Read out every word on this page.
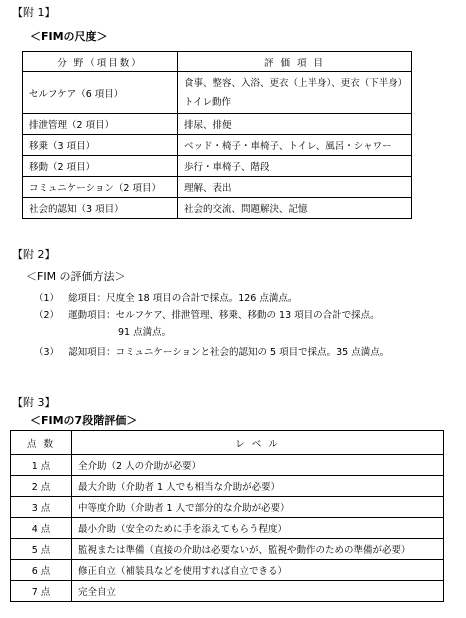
【附 1】
＜FIMの尺度＞
分 野（項目数）	評 価 項 目
セルフケア（6 項目）	食事、整容、入浴、更衣（上半身）、更衣（下半身）
トイレ動作

排泄管理（2 項目）	排尿、排便
移乗（3 項目）	ベッド・椅子・車椅子、トイレ、風呂・シャワー
移動（2 項目）	歩行・車椅子、階段
コミュニケーション（2 項目）	理解、表出
社会的認知（3 項目）	社会的交流、問題解決、記憶
【附 2】
＜FIM の評価方法＞
（1） 総項目：尺度全 18 項目の合計で採点。126 点満点。
（2） 運動項目：セルフケア、排泄管理、移乗、移動の 13 項目の合計で採点。
91 点満点。
（3） 認知項目：コミュニケーションと社会的認知の 5 項目で採点。35 点満点。
【附 3】
＜FIMの7段階評価＞
点 数	レ ベ ル
1 点	全介助（2 人の介助が必要）
2 点	最大介助（介助者 1 人でも相当な介助が必要）
3 点	中等度介助（介助者 1 人で部分的な介助が必要）
4 点	最小介助（安全のために手を添えてもらう程度）
5 点	監視または準備（直接の介助は必要ないが、監視や動作のための準備が必要）
6 点	修正自立（補装具などを使用すれば自立できる）
7 点	完全自立
